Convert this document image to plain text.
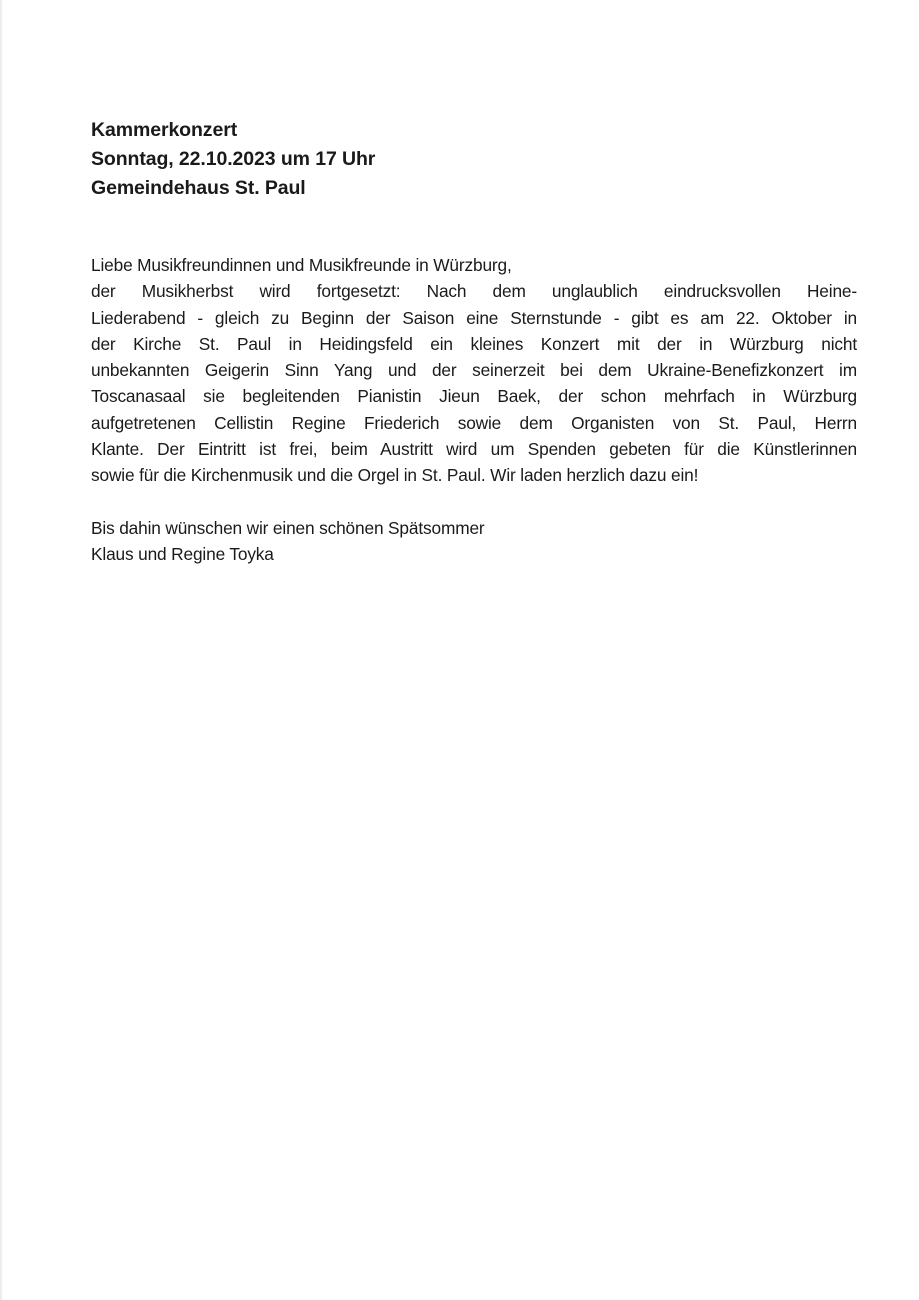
Kammerkonzert
Sonntag, 22.10.2023 um 17 Uhr
Gemeindehaus St. Paul
Liebe Musikfreundinnen und Musikfreunde in Würzburg,
der Musikherbst wird fortgesetzt: Nach dem unglaublich eindrucksvollen Heine-
Liederabend - gleich zu Beginn der Saison eine Sternstunde - gibt es am 22. Oktober in
der Kirche St. Paul in Heidingsfeld ein kleines Konzert mit der in Würzburg nicht
unbekannten Geigerin Sinn Yang und der seinerzeit bei dem Ukraine-Benefizkonzert im
Toscanasaal sie begleitenden Pianistin Jieun Baek, der schon mehrfach in Würzburg
aufgetretenen Cellistin Regine Friederich sowie dem Organisten von St. Paul, Herrn
Klante. Der Eintritt ist frei, beim Austritt wird um Spenden gebeten für die Künstlerinnen
sowie für die Kirchenmusik und die Orgel in St. Paul. Wir laden herzlich dazu ein!
Bis dahin wünschen wir einen schönen Spätsommer
Klaus und Regine Toyka
